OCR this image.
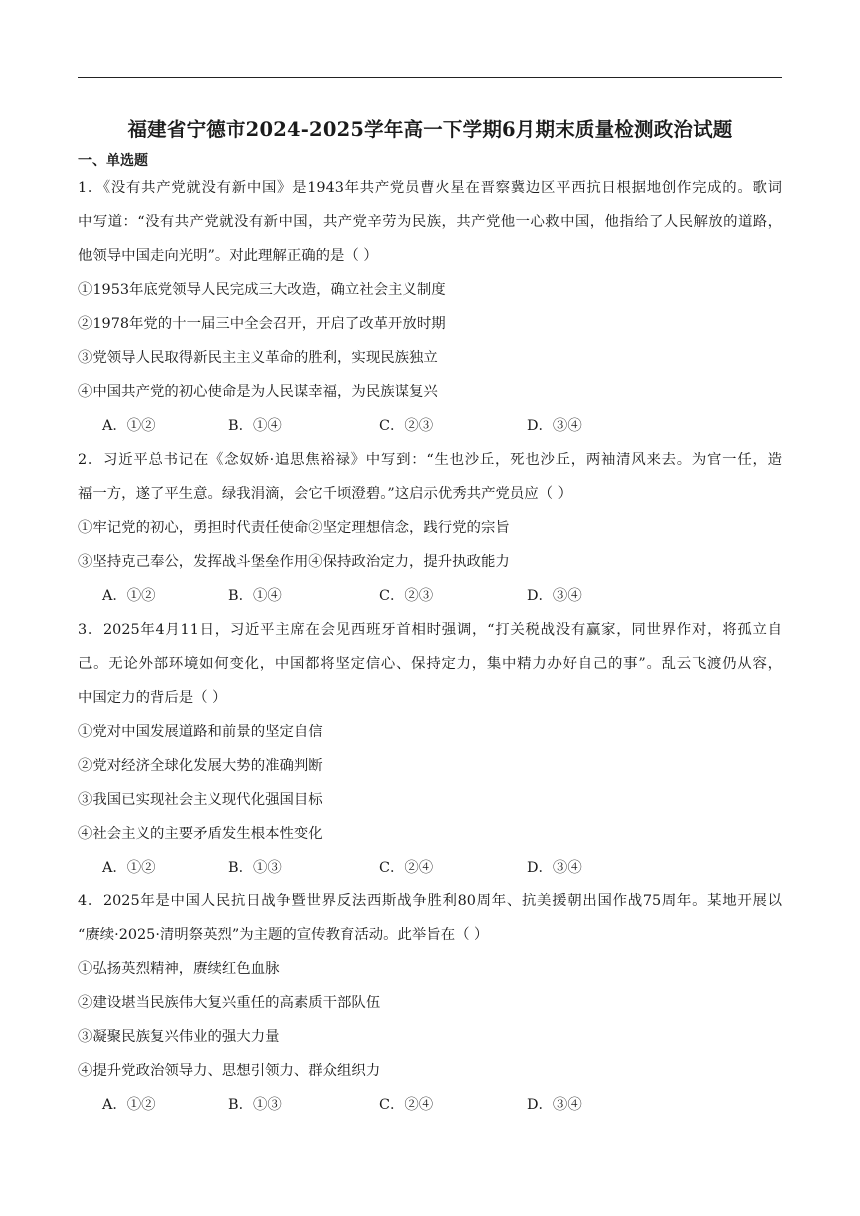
福建省宁德市2024-2025学年高一下学期6月期末质量检测政治试题
一、单选题
1．《没有共产党就没有新中国》是1943年共产党员曹火星在晋察冀边区平西抗日根据地创作完成的。歌词
中写道：“没有共产党就没有新中国，共产党辛劳为民族，共产党他一心救中国，他指给了人民解放的道路，
他领导中国走向光明”。对此理解正确的是（ ）
①1953年底党领导人民完成三大改造，确立社会主义制度
②1978年党的十一届三中全会召开，开启了改革开放时期
③党领导人民取得新民主主义革命的胜利，实现民族独立
④中国共产党的初心使命是为人民谋幸福，为民族谋复兴
A．①②	B．①④	C．②③	D．③④
2．习近平总书记在《念奴娇·追思焦裕禄》中写到：“生也沙丘，死也沙丘，两袖清风来去。为官一任，造
福一方，遂了平生意。绿我涓滴，会它千顷澄碧。”这启示优秀共产党员应（ ）
①牢记党的初心，勇担时代责任使命②坚定理想信念，践行党的宗旨
③坚持克己奉公，发挥战斗堡垒作用④保持政治定力，提升执政能力
A．①②	B．①④	C．②③	D．③④
3．2025年4月11日，习近平主席在会见西班牙首相时强调，“打关税战没有赢家，同世界作对，将孤立自
己。无论外部环境如何变化，中国都将坚定信心、保持定力，集中精力办好自己的事”。乱云飞渡仍从容，
中国定力的背后是（ ）
①党对中国发展道路和前景的坚定自信
②党对经济全球化发展大势的准确判断
③我国已实现社会主义现代化强国目标
④社会主义的主要矛盾发生根本性变化
A．①②	B．①③	C．②④	D．③④
4．2025年是中国人民抗日战争暨世界反法西斯战争胜利80周年、抗美援朝出国作战75周年。某地开展以
“赓续·2025·清明祭英烈”为主题的宣传教育活动。此举旨在（ ）
①弘扬英烈精神，赓续红色血脉
②建设堪当民族伟大复兴重任的高素质干部队伍
③凝聚民族复兴伟业的强大力量
④提升党政治领导力、思想引领力、群众组织力
A．①②	B．①③	C．②④	D．③④
